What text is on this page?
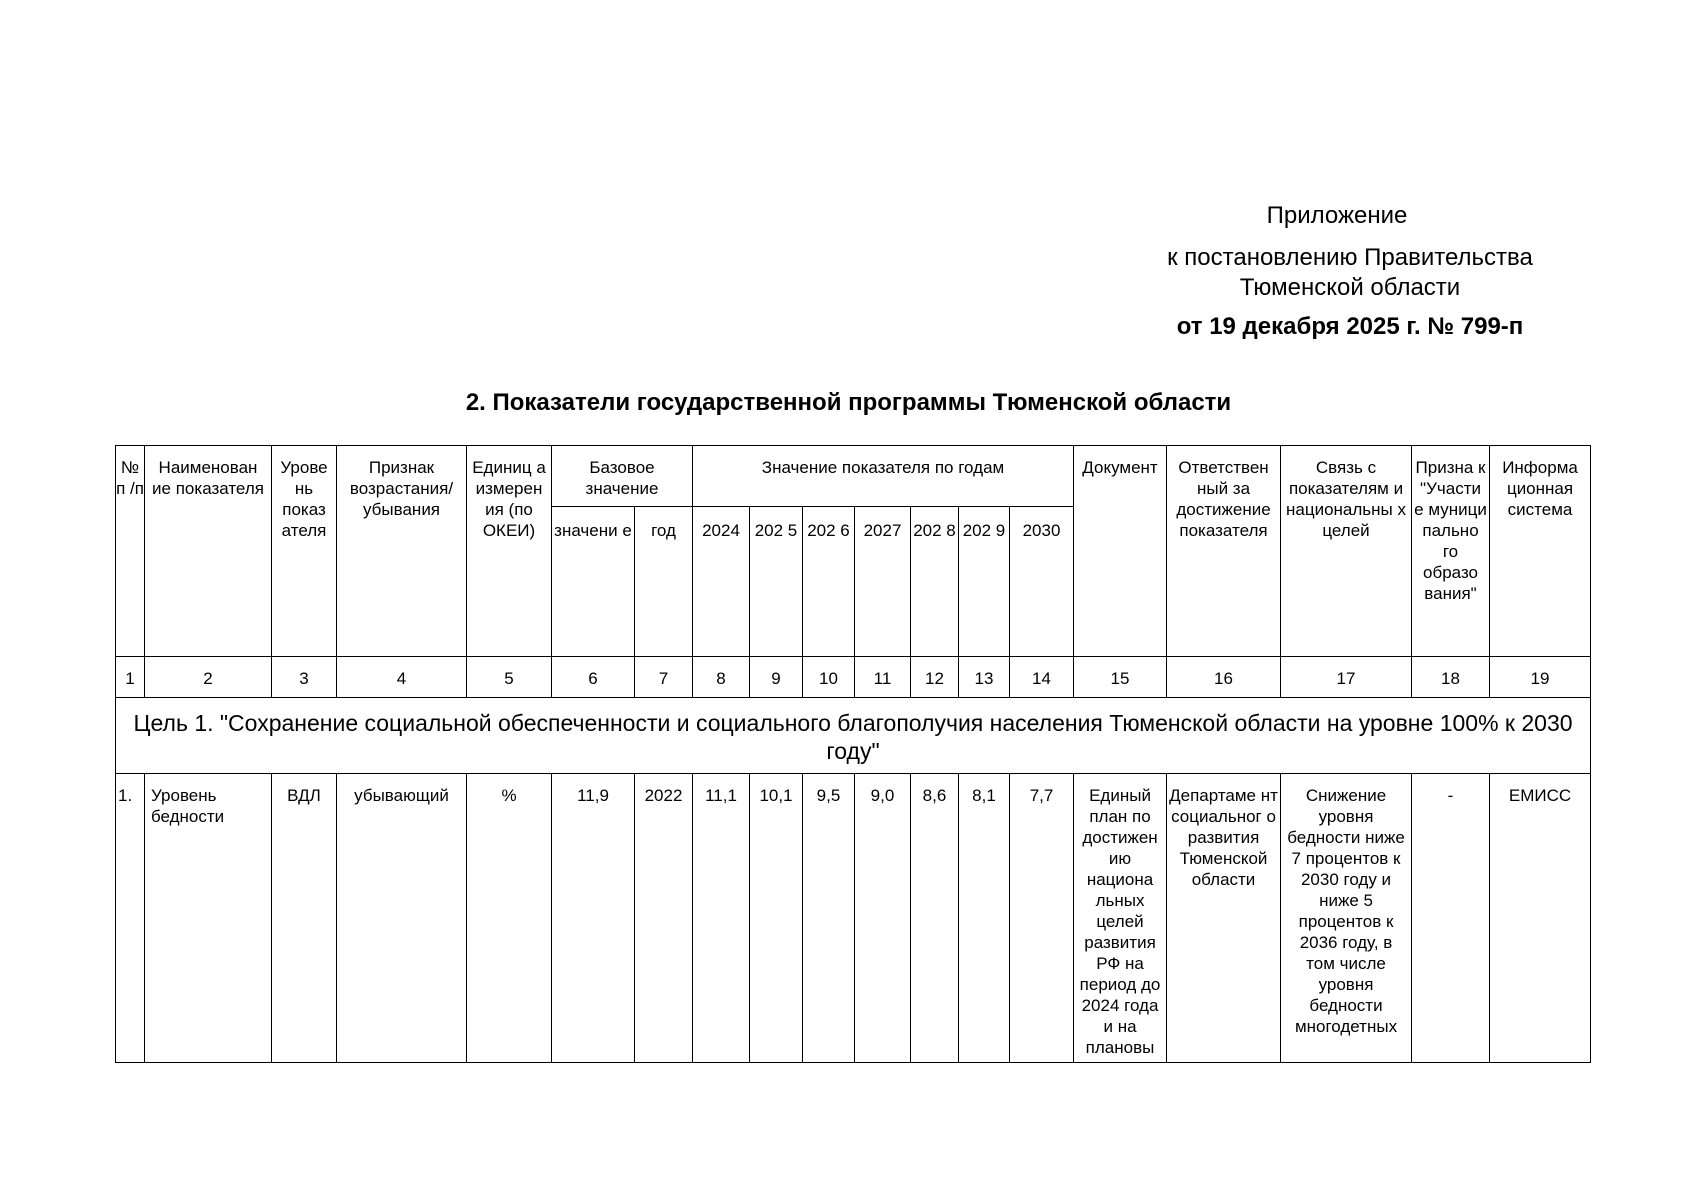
Приложение
к постановлению Правительства
Тюменской области
от 19 декабря 2025 г. № 799-п
2. Показатели государственной программы Тюменской области
№ п /п	Наименован ие показателя	Урове нь показ ателя	Признак возрастания/ убывания	Единиц а измерен ия (по ОКЕИ)	Базовое значение		Значение показателя по годам							Документ	Ответствен ный за достижение показателя	Связь с показателям и национальны х целей	Призна к "Участи е муници пально го образо вания"	Информа ционная система
					значени е	год	2024	202 5	202 6	2027	202 8	202 9	2030					
1	2	3	4	5	6	7	8	9	10	11	12	13	14	15	16	17	18	19
Цель 1. "Сохранение социальной обеспеченности и социального благополучия населения Тюменской области на уровне 100% к 2030 году"																		
1.	Уровень бедности	ВДЛ	убывающий	%	11,9	2022	11,1	10,1	9,5	9,0	8,6	8,1	7,7	Единый план по достижен ию национа льных целей развития РФ на период до 2024 года и на плановы	Департаме нт социальног о развития Тюменской области	Снижение уровня бедности ниже 7 процентов к 2030 году и ниже 5 процентов к 2036 году, в том числе уровня бедности многодетных	-	ЕМИСС
